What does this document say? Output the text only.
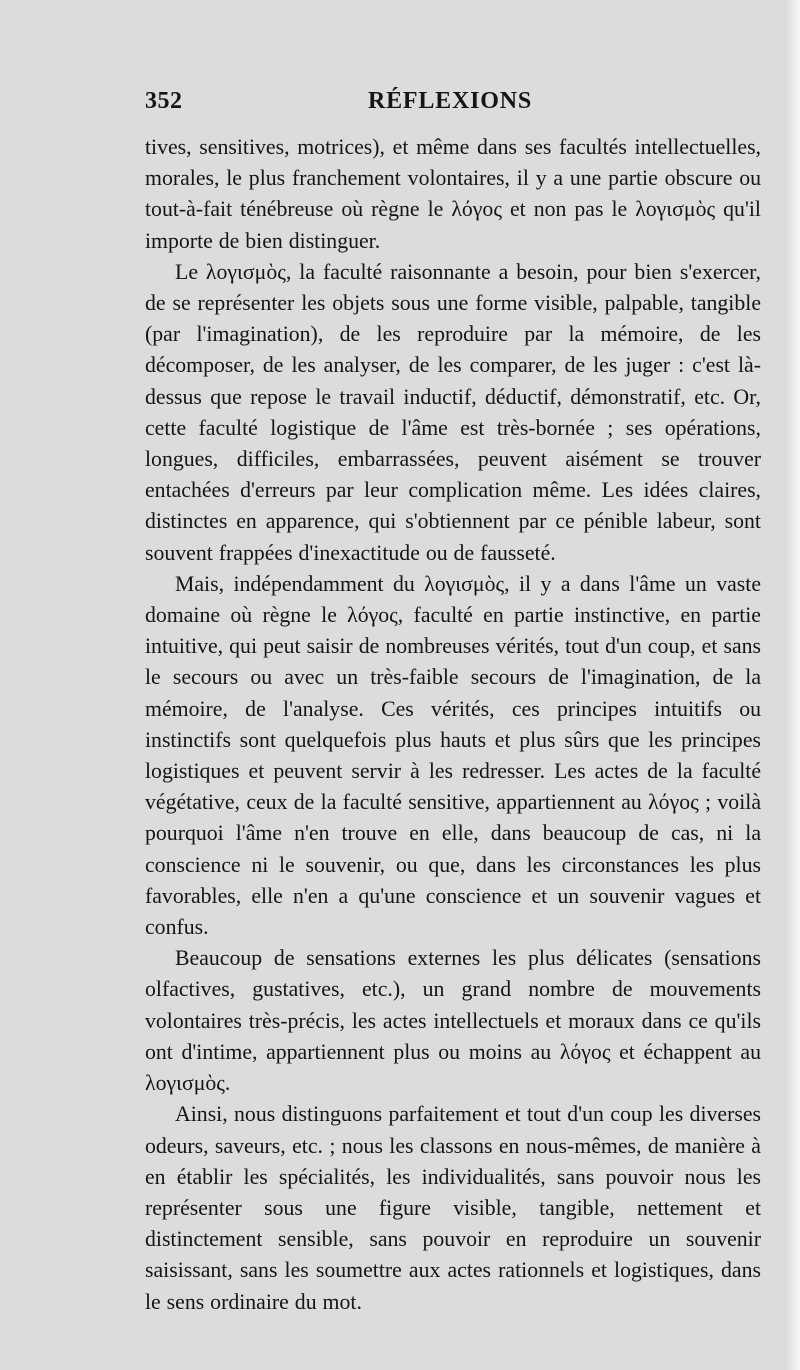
352	RÉFLEXIONS

tives, sensitives, motrices), et même dans ses facultés intellectuelles, morales, le plus franchement volontaires, il y a une partie obscure ou tout-à-fait ténébreuse où règne le λόγος et non pas le λογισμὸς qu'il importe de bien distinguer.

Le λογισμὸς, la faculté raisonnante a besoin, pour bien s'exercer, de se représenter les objets sous une forme visible, palpable, tangible (par l'imagination), de les reproduire par la mémoire, de les décomposer, de les analyser, de les comparer, de les juger : c'est là-dessus que repose le travail inductif, déductif, démonstratif, etc. Or, cette faculté logistique de l'âme est très-bornée ; ses opérations, longues, difficiles, embarrassées, peuvent aisément se trouver entachées d'erreurs par leur complication même. Les idées claires, distinctes en apparence, qui s'obtiennent par ce pénible labeur, sont souvent frappées d'inexactitude ou de fausseté.

Mais, indépendamment du λογισμὸς, il y a dans l'âme un vaste domaine où règne le λόγος, faculté en partie instinctive, en partie intuitive, qui peut saisir de nombreuses vérités, tout d'un coup, et sans le secours ou avec un très-faible secours de l'imagination, de la mémoire, de l'analyse. Ces vérités, ces principes intuitifs ou instinctifs sont quelquefois plus hauts et plus sûrs que les principes logistiques et peuvent servir à les redresser. Les actes de la faculté végétative, ceux de la faculté sensitive, appartiennent au λόγος ; voilà pourquoi l'âme n'en trouve en elle, dans beaucoup de cas, ni la conscience ni le souvenir, ou que, dans les circonstances les plus favorables, elle n'en a qu'une conscience et un souvenir vagues et confus.

Beaucoup de sensations externes les plus délicates (sensations olfactives, gustatives, etc.), un grand nombre de mouvements volontaires très-précis, les actes intellectuels et moraux dans ce qu'ils ont d'intime, appartiennent plus ou moins au λόγος et échappent au λογισμὸς.

Ainsi, nous distinguons parfaitement et tout d'un coup les diverses odeurs, saveurs, etc. ; nous les classons en nous-mêmes, de manière à en établir les spécialités, les individualités, sans pouvoir nous les représenter sous une figure visible, tangible, nettement et distinctement sensible, sans pouvoir en reproduire un souvenir saisissant, sans les soumettre aux actes rationnels et logistiques, dans le sens ordinaire du mot.
